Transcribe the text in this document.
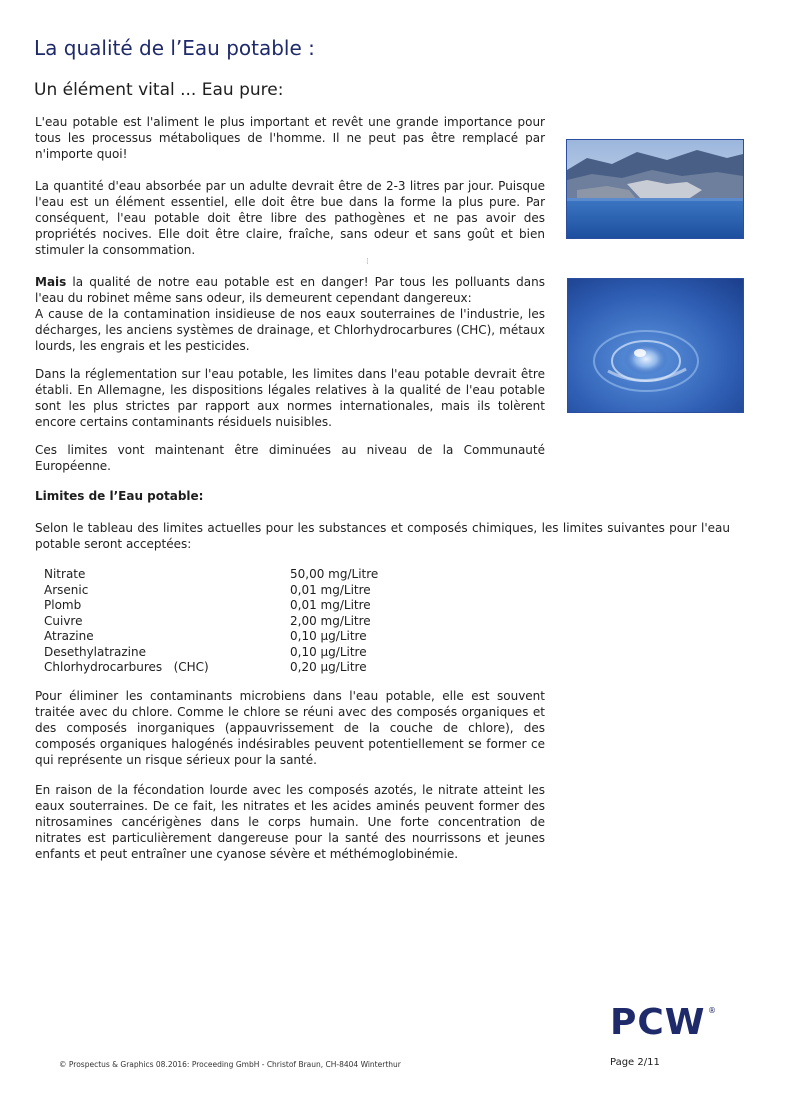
La qualité de l’Eau potable :
Un élément vital ... Eau pure:

L'eau potable est l'aliment le plus important et revêt une grande importance pour tous les processus métaboliques de l'homme. Il ne peut pas être remplacé par n'importe quoi!

La quantité d'eau absorbée par un adulte devrait être de 2-3 litres par jour. Puisque l'eau est un élément essentiel, elle doit être bue dans la forme la plus pure. Par conséquent, l'eau potable doit être libre des pathogènes et ne pas avoir des propriétés nocives. Elle doit être claire, fraîche, sans odeur et sans goût et bien stimuler la consommation.

⁞

Mais la qualité de notre eau potable est en danger! Par tous les polluants dans l'eau du robinet même sans odeur, ils demeurent cependant dangereux:

A cause de la contamination insidieuse de nos eaux souterraines de l'industrie, les décharges, les anciens systèmes de drainage, et Chlorhydrocarbures (CHC), métaux lourds, les engrais et les pesticides.

Dans la réglementation sur l'eau potable, les limites dans l'eau potable devrait être établi. En Allemagne, les dispositions légales relatives à la qualité de l'eau potable sont les plus strictes par rapport aux normes internationales, mais ils tolèrent encore certains contaminants résiduels nuisibles.

Ces limites vont maintenant être diminuées au niveau de la Communauté Européenne.

Limites de l’Eau potable:

Selon le tableau des limites actuelles pour les substances et composés chimiques, les limites suivantes pour l'eau potable seront acceptées:

Nitrate	50,00 mg/Litre
Arsenic	0,01 mg/Litre
Plomb	0,01 mg/Litre
Cuivre	2,00 mg/Litre
Atrazine	0,10 µg/Litre
Desethylatrazine	0,10 µg/Litre
Chlorhydrocarbures   (CHC)	0,20 µg/Litre

Pour éliminer les contaminants microbiens dans l'eau potable, elle est souvent traitée avec du chlore. Comme le chlore se réuni avec des composés organiques et des composés inorganiques (appauvrissement de la couche de chlore), des composés organiques halogénés indésirables peuvent potentiellement se former ce qui représente un risque sérieux pour la santé.

En raison de la fécondation lourde avec les composés azotés, le nitrate atteint les eaux souterraines. De ce fait, les nitrates et les acides aminés peuvent former des nitrosamines cancérigènes dans le corps humain. Une forte concentration de nitrates est particulièrement dangereuse pour la santé des nourrissons et jeunes enfants et peut entraîner une cyanose sévère et méthémoglobinémie.

© Prospectus & Graphics 08.2016: Proceeding GmbH - Christof Braun, CH-8404 Winterthur

PCW ®

Page 2/11
